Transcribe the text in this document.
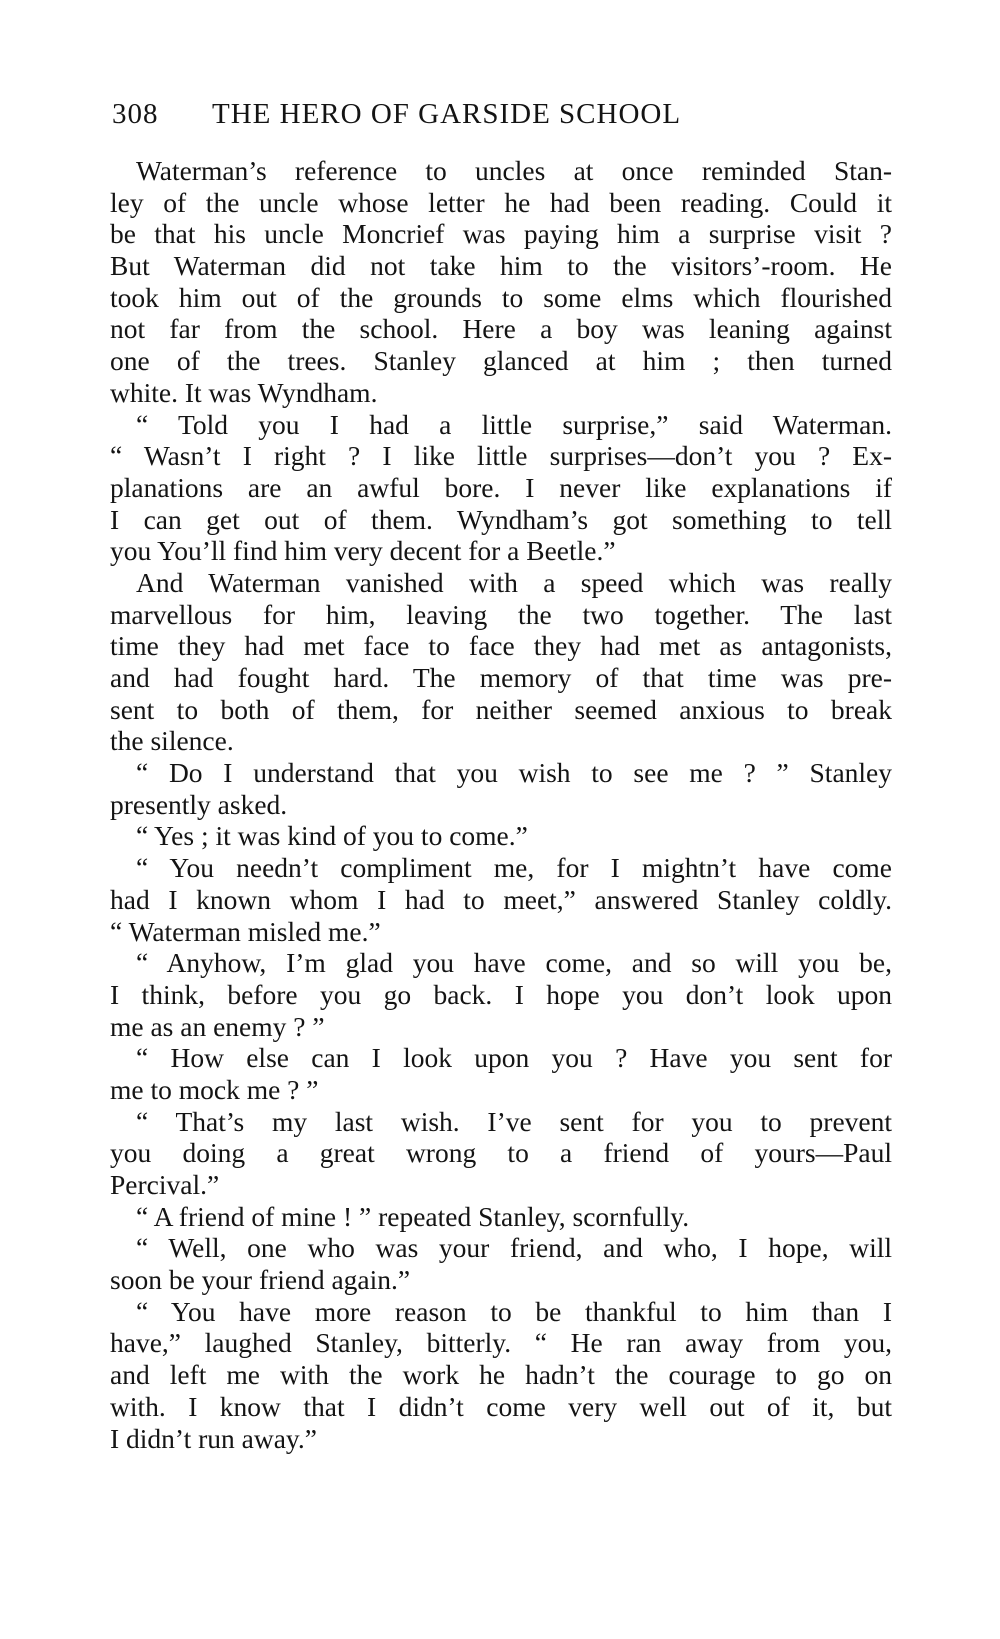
308 THE HERO OF GARSIDE SCHOOL
Waterman’s reference to uncles at once reminded Stan-
ley of the uncle whose letter he had been reading. Could it
be that his uncle Moncrief was paying him a surprise visit ?
But Waterman did not take him to the visitors’-room. He
took him out of the grounds to some elms which flourished
not far from the school. Here a boy was leaning against
one of the trees. Stanley glanced at him ; then turned
white. It was Wyndham.
“ Told you I had a little surprise,” said Waterman.
“ Wasn’t I right ? I like little surprises—don’t you ? Ex-
planations are an awful bore. I never like explanations if
I can get out of them. Wyndham’s got something to tell
you You’ll find him very decent for a Beetle.”
And Waterman vanished with a speed which was really
marvellous for him, leaving the two together. The last
time they had met face to face they had met as antagonists,
and had fought hard. The memory of that time was pre-
sent to both of them, for neither seemed anxious to break
the silence.
“ Do I understand that you wish to see me ? ” Stanley
presently asked.
“ Yes ; it was kind of you to come.”
“ You needn’t compliment me, for I mightn’t have come
had I known whom I had to meet,” answered Stanley coldly.
“ Waterman misled me.”
“ Anyhow, I’m glad you have come, and so will you be,
I think, before you go back. I hope you don’t look upon
me as an enemy ? ”
“ How else can I look upon you ? Have you sent for
me to mock me ? ”
“ That’s my last wish. I’ve sent for you to prevent
you doing a great wrong to a friend of yours—Paul
Percival.”
“ A friend of mine ! ” repeated Stanley, scornfully.
“ Well, one who was your friend, and who, I hope, will
soon be your friend again.”
“ You have more reason to be thankful to him than I
have,” laughed Stanley, bitterly. “ He ran away from you,
and left me with the work he hadn’t the courage to go on
with. I know that I didn’t come very well out of it, but
I didn’t run away.”
